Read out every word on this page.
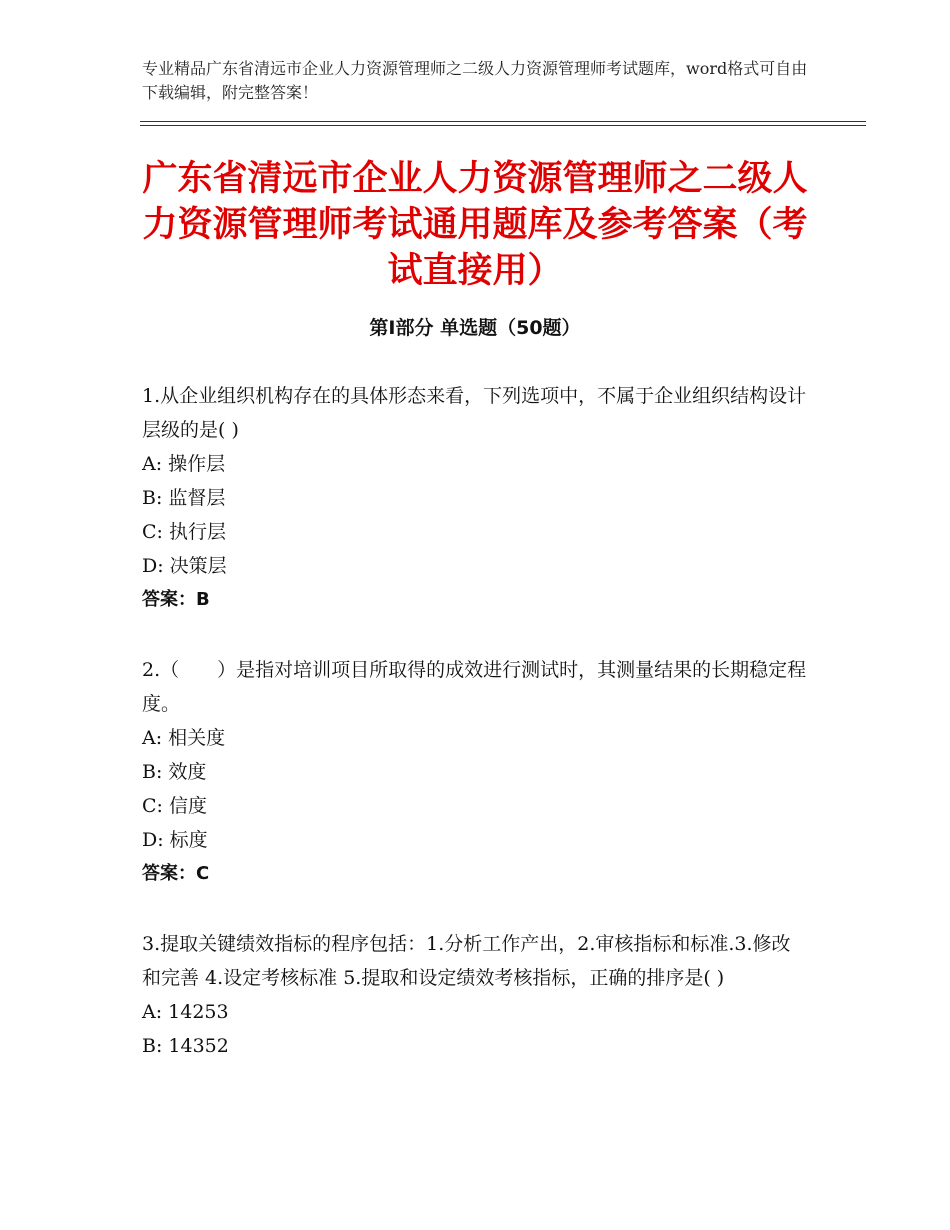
专业精品广东省清远市企业人力资源管理师之二级人力资源管理师考试题库，word格式可自由下载编辑，附完整答案！
广东省清远市企业人力资源管理师之二级人力资源管理师考试通用题库及参考答案（考试直接用）
第Ⅰ部分 单选题（50题）

1.从企业组织机构存在的具体形态来看，下列选项中，不属于企业组织结构设计层级的是( )

A: 操作层

B: 监督层

C: 执行层

D: 决策层

答案：B

2.（　　）是指对培训项目所取得的成效进行测试时，其测量结果的长期稳定程度。

A: 相关度

B: 效度

C: 信度

D: 标度

答案：C

3.提取关键绩效指标的程序包括：1.分析工作产出，2.审核指标和标准.3.修改和完善 4.设定考核标准 5.提取和设定绩效考核指标，正确的排序是( )

A: 14253

B: 14352
